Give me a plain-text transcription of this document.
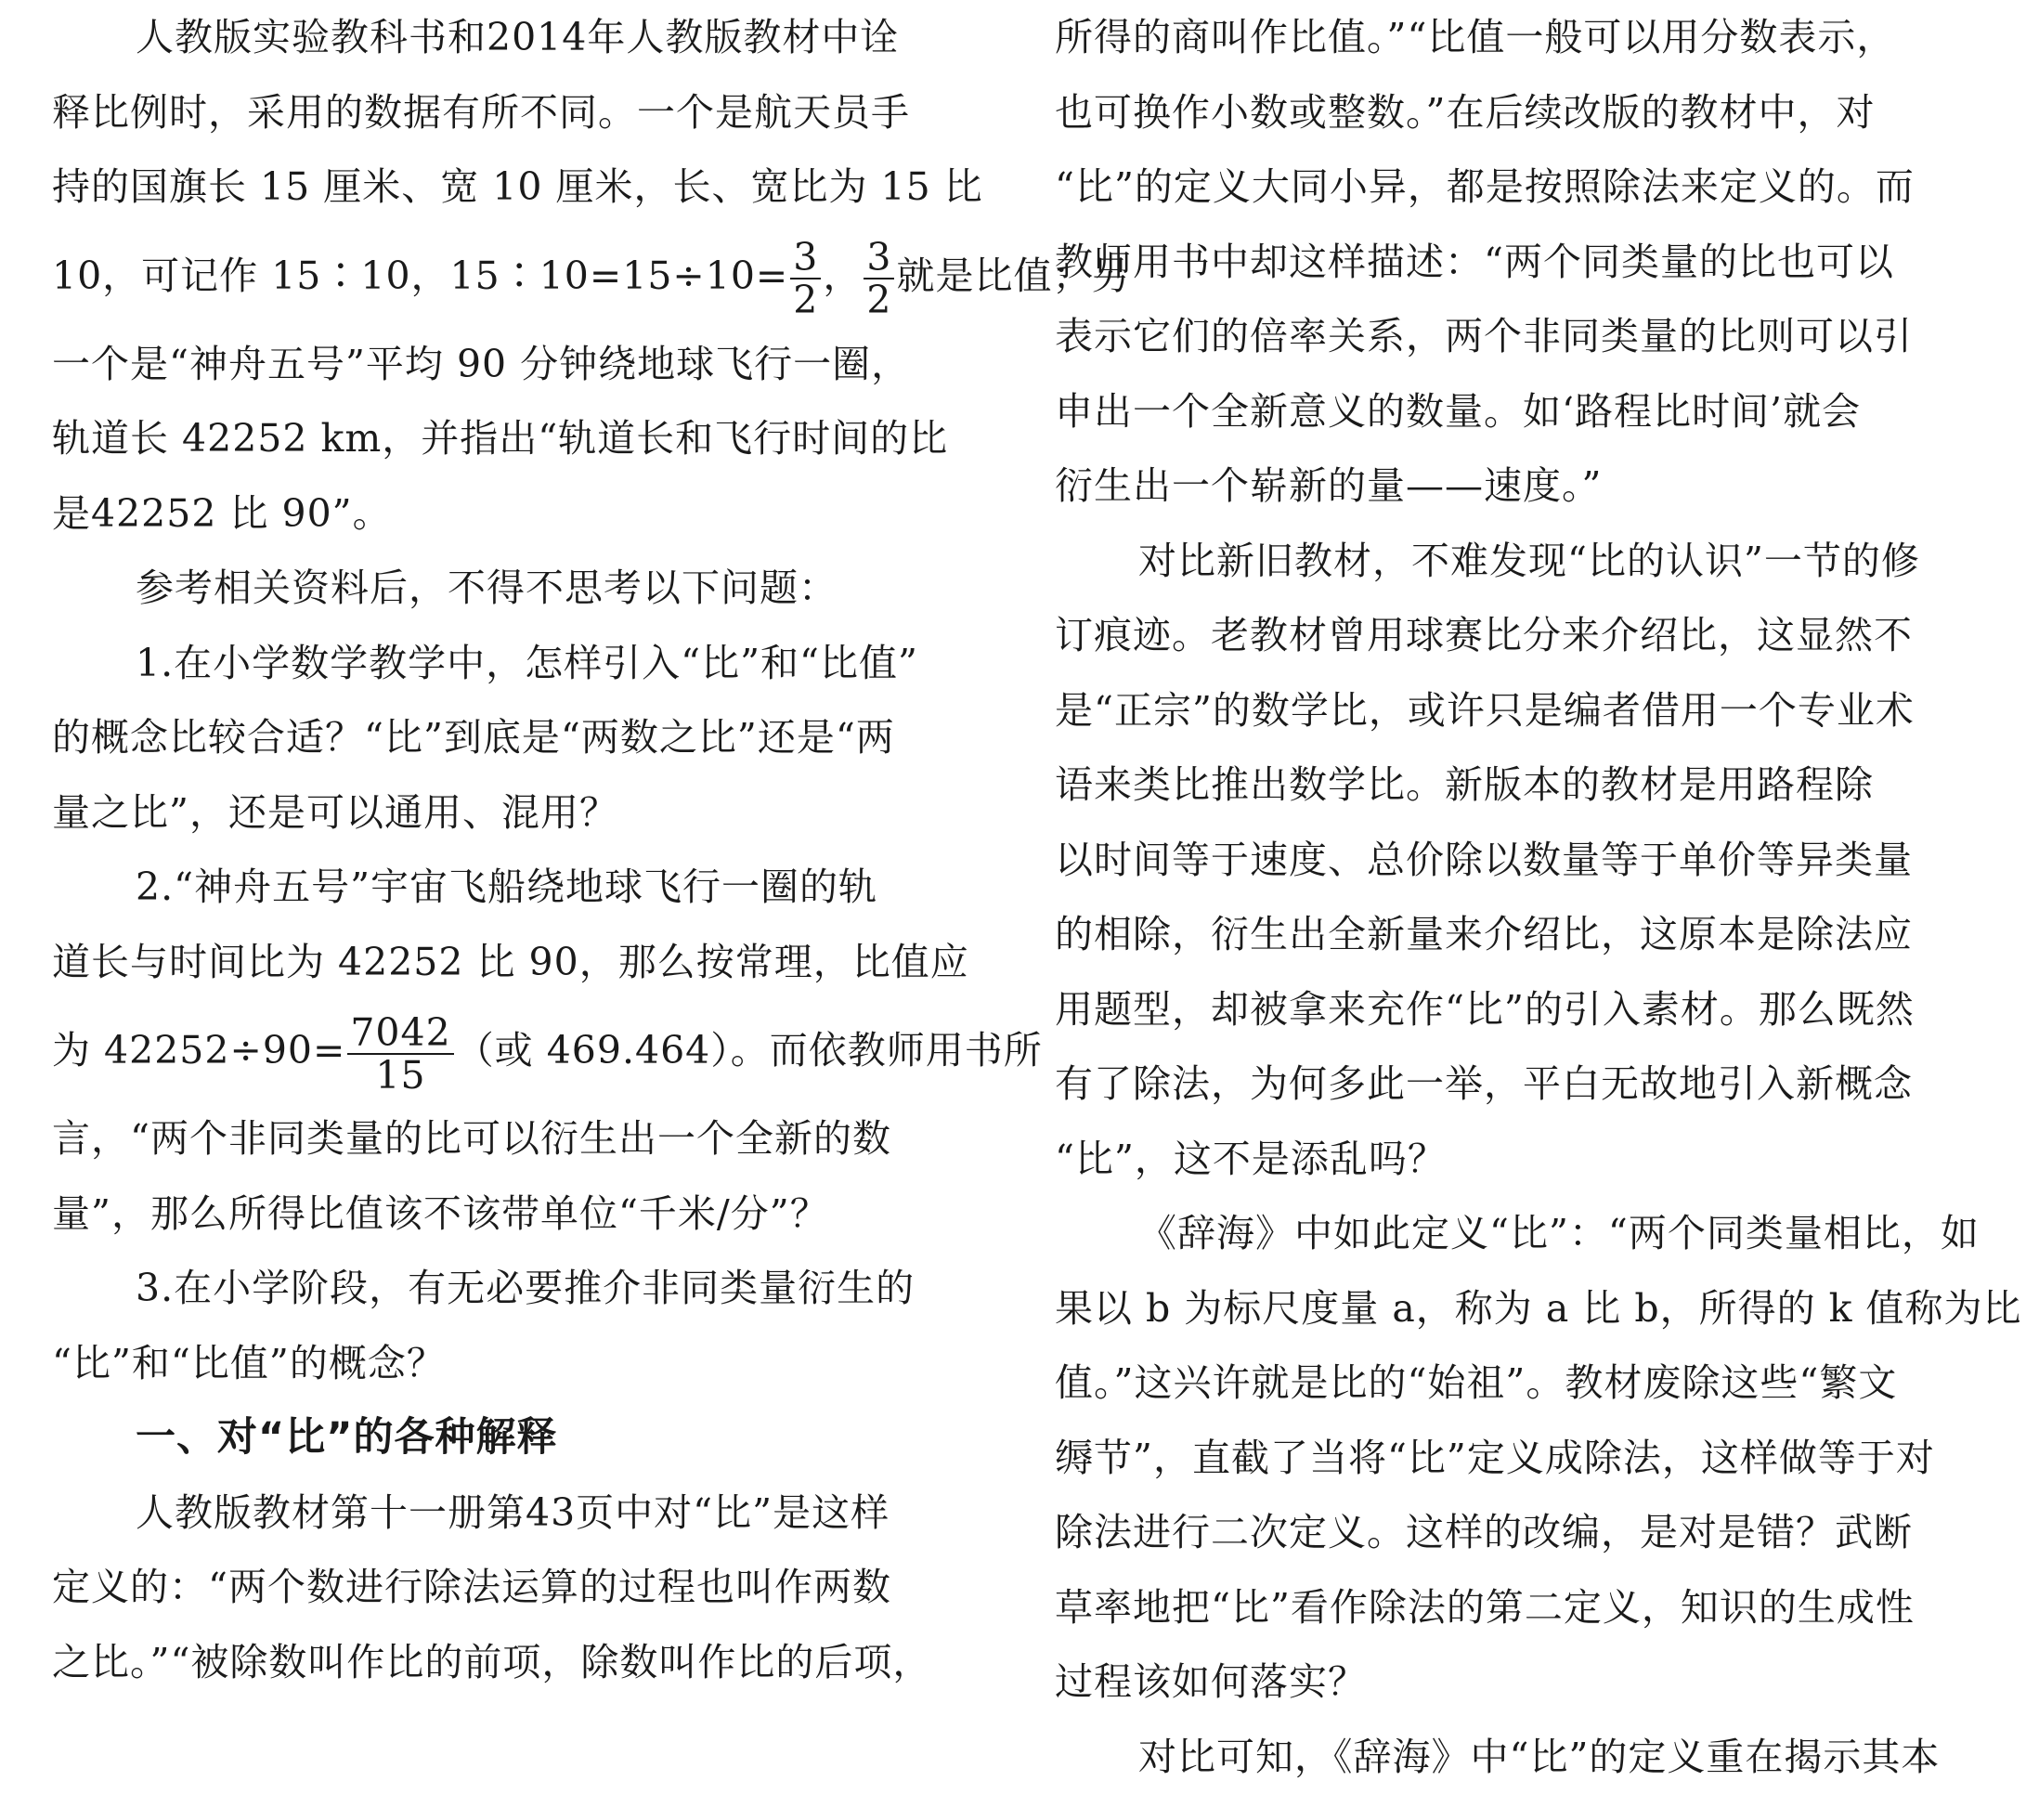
人教版实验教科书和2014年人教版教材中诠
释比例时，采用的数据有所不同。一个是航天员手
持的国旗长 15 厘米、宽 10 厘米，长、宽比为 15 比
10，可记作 15∶10，15∶10=15÷10= $\frac{3}{2}$ ， $\frac{3}{2}$ 就是比值；另
一个是“神舟五号”平均 90 分钟绕地球飞行一圈，
轨道长 42252 km，并指出“轨道长和飞行时间的比
是42252 比 90”。
参考相关资料后，不得不思考以下问题：
1.在小学数学教学中，怎样引入“比”和“比值”
的概念比较合适？“比”到底是“两数之比”还是“两
量之比”，还是可以通用、混用？
2.“神舟五号”宇宙飞船绕地球飞行一圈的轨
道长与时间比为 42252 比 90，那么按常理，比值应
为 $42252\div 90= \frac{7042}{15}$ （或 469.464）。而依教师用书所
言，“两个非同类量的比可以衍生出一个全新的数
量”，那么所得比值该不该带单位“千米/分”？
3.在小学阶段，有无必要推介非同类量衍生的
“比”和“比值”的概念？
一、对“比”的各种解释
人教版教材第十一册第43页中对“比”是这样
定义的：“两个数进行除法运算的过程也叫作两数
之比。”“被除数叫作比的前项，除数叫作比的后项，
所得的商叫作比值。”“比值一般可以用分数表示，
也可换作小数或整数。”在后续改版的教材中，对
“比”的定义大同小异，都是按照除法来定义的。而
教师用书中却这样描述：“两个同类量的比也可以
表示它们的倍率关系，两个非同类量的比则可以引
申出一个全新意义的数量。如‘路程比时间’就会
衍生出一个崭新的量——速度。”
对比新旧教材，不难发现“比的认识”一节的修
订痕迹。老教材曾用球赛比分来介绍比，这显然不
是“正宗”的数学比，或许只是编者借用一个专业术
语来类比推出数学比。新版本的教材是用路程除
以时间等于速度、总价除以数量等于单价等异类量
的相除，衍生出全新量来介绍比，这原本是除法应
用题型，却被拿来充作“比”的引入素材。那么既然
有了除法，为何多此一举，平白无故地引入新概念
“比”，这不是添乱吗？
《辞海》中如此定义“比”：“两个同类量相比，如
果以 b 为标尺度量 a，称为 a 比 b，所得的 k 值称为比
值。”这兴许就是比的“始祖”。教材废除这些“繁文
缛节”，直截了当将“比”定义成除法，这样做等于对
除法进行二次定义。这样的改编，是对是错？武断
草率地把“比”看作除法的第二定义，知识的生成性
过程该如何落实？
对比可知，《辞海》中“比”的定义重在揭示其本
